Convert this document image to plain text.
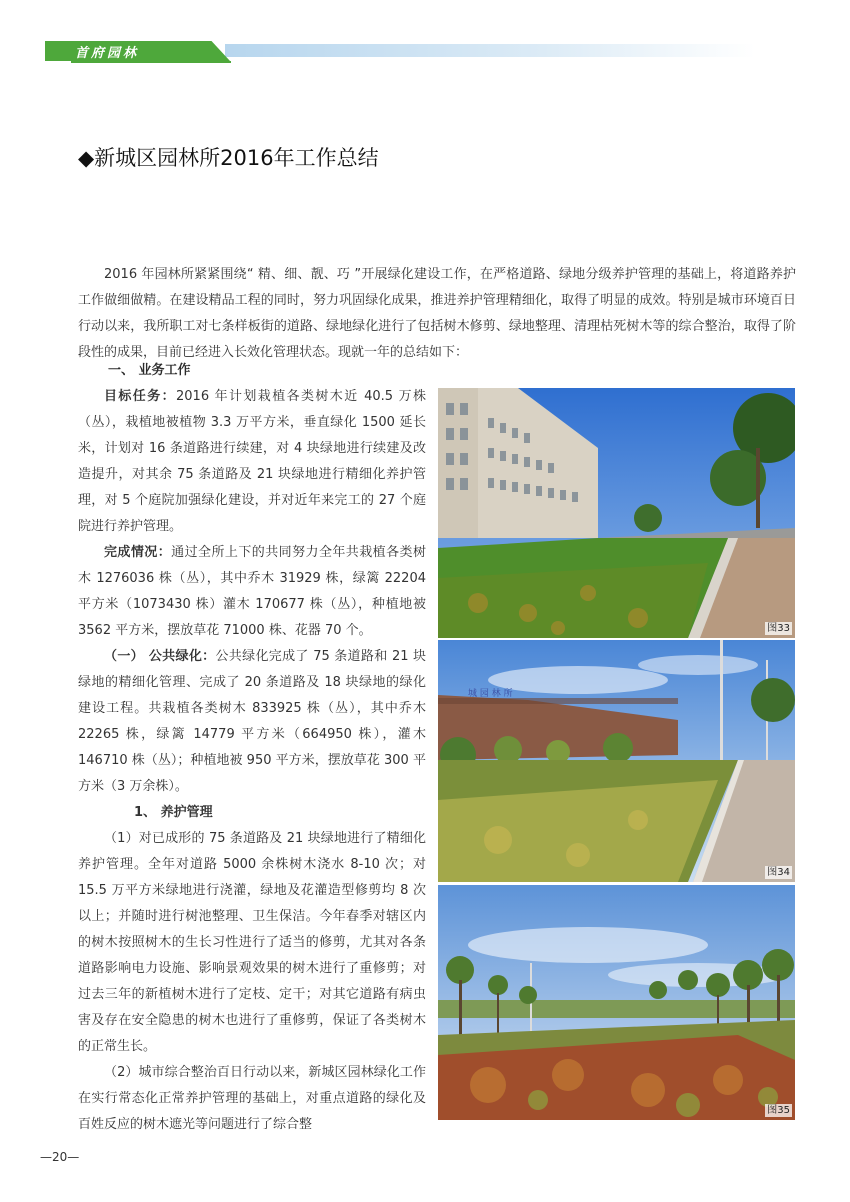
首府园林
◆新城区园林所2016年工作总结

2016 年园林所紧紧围绕“ 精、细、靓、巧 ”开展绿化建设工作，在严格道路、绿地分级养护管理的基础上，将道路养护工作做细做精。在建设精品工程的同时，努力巩固绿化成果，推进养护管理精细化，取得了明显的成效。特别是城市环境百日行动以来，我所职工对七条样板街的道路、绿地绿化进行了包括树木修剪、绿地整理、清理枯死树木等的综合整治，取得了阶段性的成果，目前已经进入长效化管理状态。现就一年的总结如下：

一、 业务工作

目标任务：2016 年计划栽植各类树木近 40.5 万株（丛），栽植地被植物 3.3 万平方米，垂直绿化 1500 延长米，计划对 16 条道路进行续建，对 4 块绿地进行续建及改造提升，对其余 75 条道路及 21 块绿地进行精细化养护管理，对 5 个庭院加强绿化建设，并对近年来完工的 27 个庭院进行养护管理。

完成情况：通过全所上下的共同努力全年共栽植各类树木 1276036 株（丛），其中乔木 31929 株，绿篱 22204 平方米（1073430 株）灌木 170677 株（丛），种植地被 3562 平方米，摆放草花 71000 株、花器 70 个。

（一） 公共绿化：公共绿化完成了 75 条道路和 21 块绿地的精细化管理、完成了 20 条道路及 18 块绿地的绿化建设工程。共栽植各类树木 833925 株（丛），其中乔木 22265 株，绿篱 14779 平方米（664950 株），灌木 146710 株（丛）；种植地被 950 平方米，摆放草花 300 平方米（3 万余株）。

1、 养护管理

（1）对已成形的 75 条道路及 21 块绿地进行了精细化养护管理。全年对道路 5000 余株树木浇水 8-10 次；对 15.5 万平方米绿地进行浇灌，绿地及花灌造型修剪均 8 次以上；并随时进行树池整理、卫生保洁。今年春季对辖区内的树木按照树木的生长习性进行了适当的修剪，尤其对各条道路影响电力设施、影响景观效果的树木进行了重修剪；对过去三年的新植树木进行了定枝、定干；对其它道路有病虫害及存在安全隐患的树木也进行了重修剪，保证了各类树木的正常生长。

（2）城市综合整治百日行动以来，新城区园林绿化工作在实行常态化正常养护管理的基础上，对重点道路的绿化及百姓反应的树木遮光等问题进行了综合整

图33
城 园 林 所
图34
图35
—20—
